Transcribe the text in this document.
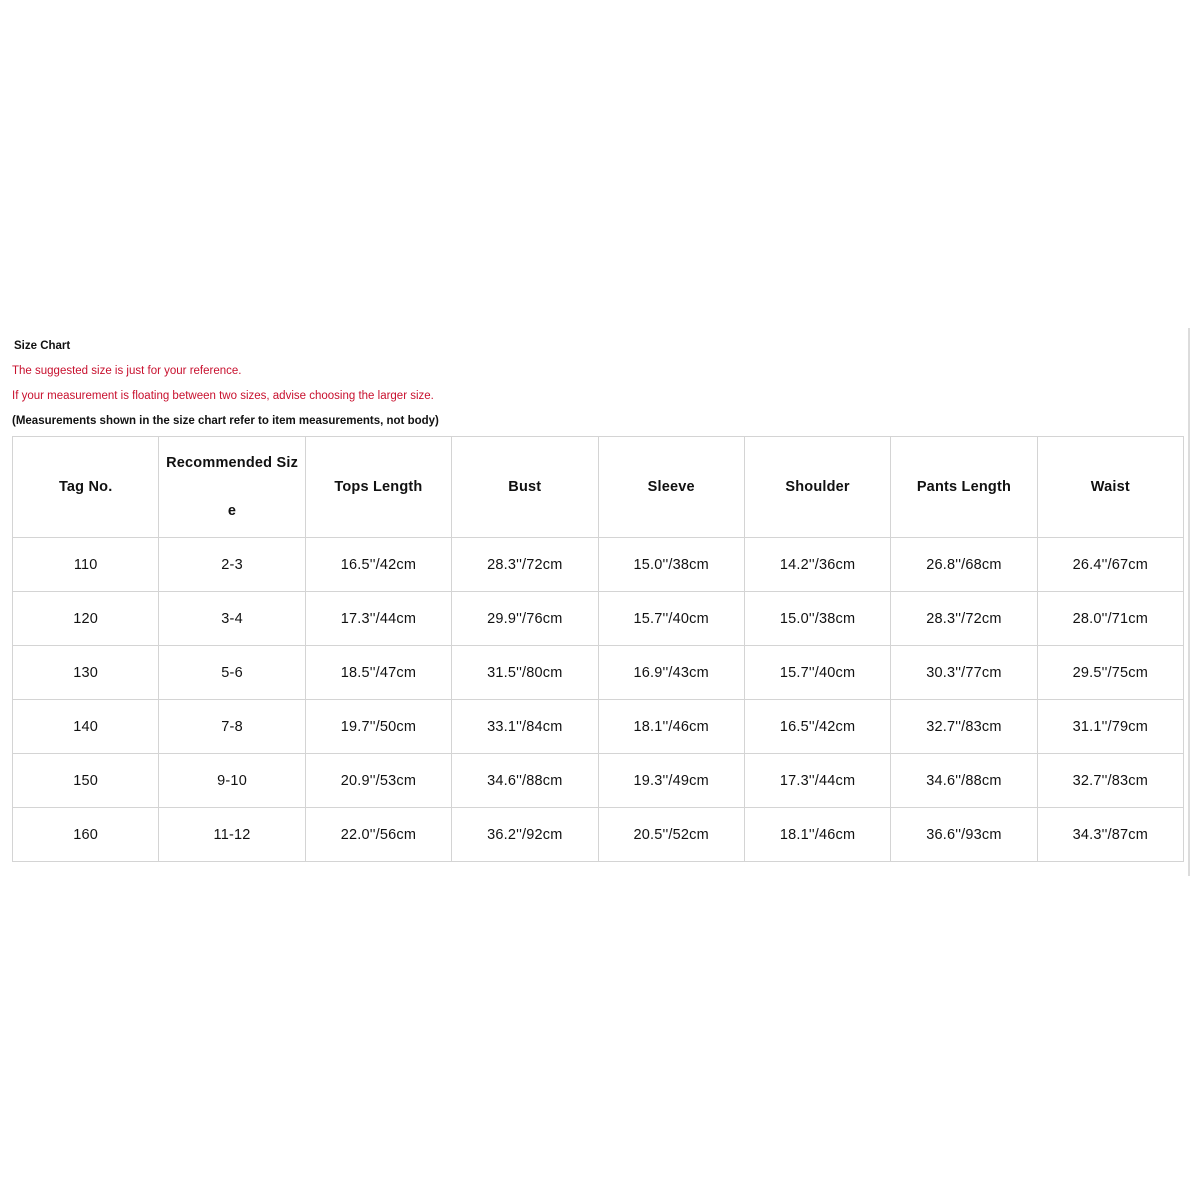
Size Chart
The suggested size is just for your reference.
If your measurement is floating between two sizes, advise choosing the larger size.
(Measurements shown in the size chart refer to item measurements, not body)
Tag No.	Recommended Size	Tops Length	Bust	Sleeve	Shoulder	Pants Length	Waist
110	2-3	16.5''/42cm	28.3''/72cm	15.0''/38cm	14.2''/36cm	26.8''/68cm	26.4''/67cm
120	3-4	17.3''/44cm	29.9''/76cm	15.7''/40cm	15.0''/38cm	28.3''/72cm	28.0''/71cm
130	5-6	18.5''/47cm	31.5''/80cm	16.9''/43cm	15.7''/40cm	30.3''/77cm	29.5''/75cm
140	7-8	19.7''/50cm	33.1''/84cm	18.1''/46cm	16.5''/42cm	32.7''/83cm	31.1''/79cm
150	9-10	20.9''/53cm	34.6''/88cm	19.3''/49cm	17.3''/44cm	34.6''/88cm	32.7''/83cm
160	11-12	22.0''/56cm	36.2''/92cm	20.5''/52cm	18.1''/46cm	36.6''/93cm	34.3''/87cm
